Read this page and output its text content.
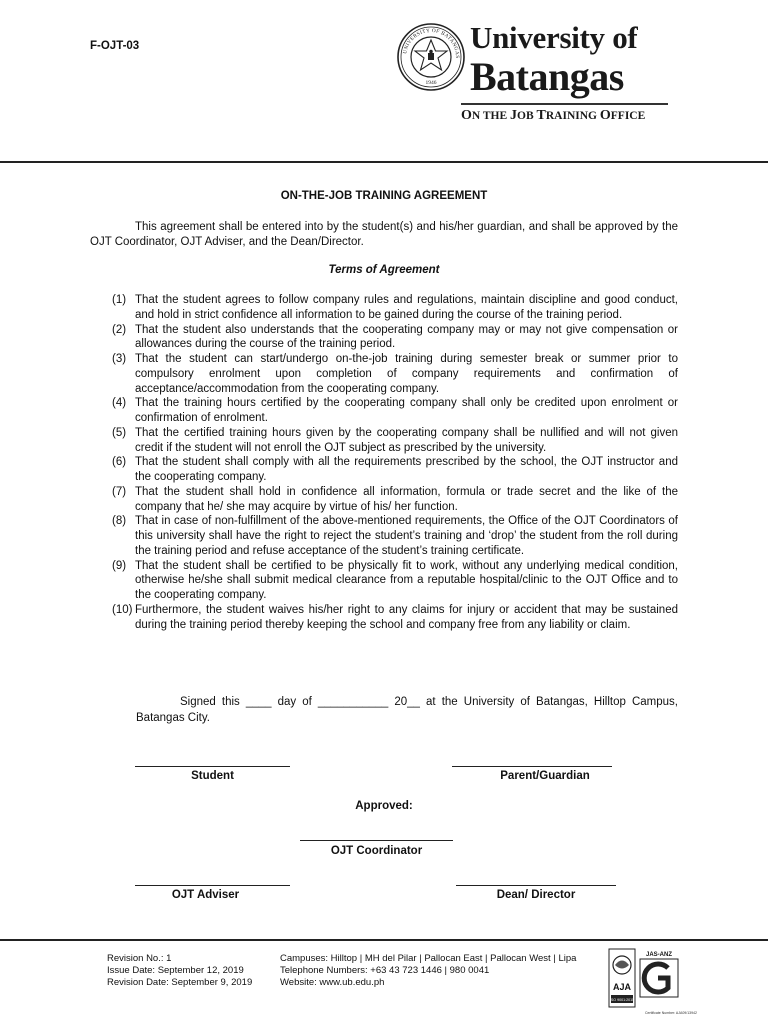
F-OJT-03	UNIVERSITY OF BATANGAS
1946
University of
Batangas
ON THE JOB TRAINING OFFICE
ON-THE-JOB TRAINING AGREEMENT

This agreement shall be entered into by the student(s) and his/her guardian, and shall be approved by the OJT Coordinator, OJT Adviser, and the Dean/Director.

Terms of Agreement
(1) That the student agrees to follow company rules and regulations, maintain discipline and good conduct, and hold in strict confidence all information to be gained during the course of the training period.
(2) That the student also understands that the cooperating company may or may not give compensation or allowances during the course of the training period.
(3) That the student can start/undergo on-the-job training during semester break or summer prior to compulsory enrolment upon completion of company requirements and confirmation of acceptance/accommodation from the cooperating company.
(4) That the training hours certified by the cooperating company shall only be credited upon enrolment or confirmation of enrolment.
(5) That the certified training hours given by the cooperating company shall be nullified and will not given credit if the student will not enroll the OJT subject as prescribed by the university.
(6) That the student shall comply with all the requirements prescribed by the school, the OJT instructor and the cooperating company.
(7) That the student shall hold in confidence all information, formula or trade secret and the like of the company that he/ she may acquire by virtue of his/ her function.
(8) That in case of non-fulfillment of the above-mentioned requirements, the Office of the OJT Coordinators of this university shall have the right to reject the student’s training and ‘drop’ the student from the roll during the training period and refuse acceptance of the student’s training certificate.
(9) That the student shall be certified to be physically fit to work, without any underlying medical condition, otherwise he/she shall submit medical clearance from a reputable hospital/clinic to the OJT Office and to the cooperating company.
(10) Furthermore, the student waives his/her right to any claims for injury or accident that may be sustained during the training period thereby keeping the school and company free from any liability or claim.

Signed this ____ day of ___________ 20__ at the University of Batangas, Hilltop Campus, Batangas City.

Student	Parent/Guardian
Approved:
OJT Coordinator
OJT Adviser	Dean/ Director
Revision No.: 1
Issue Date: September 12, 2019
Revision Date: September 9, 2019
Campuses: Hilltop | MH del Pilar | Pallocan East | Pallocan West | Lipa
Telephone Numbers: +63 43 723 1446 | 980 0041
Website: www.ub.edu.ph	AJA
ISO 9001:2015
JAS-ANZ
Certificate Number: AJA09/13942
